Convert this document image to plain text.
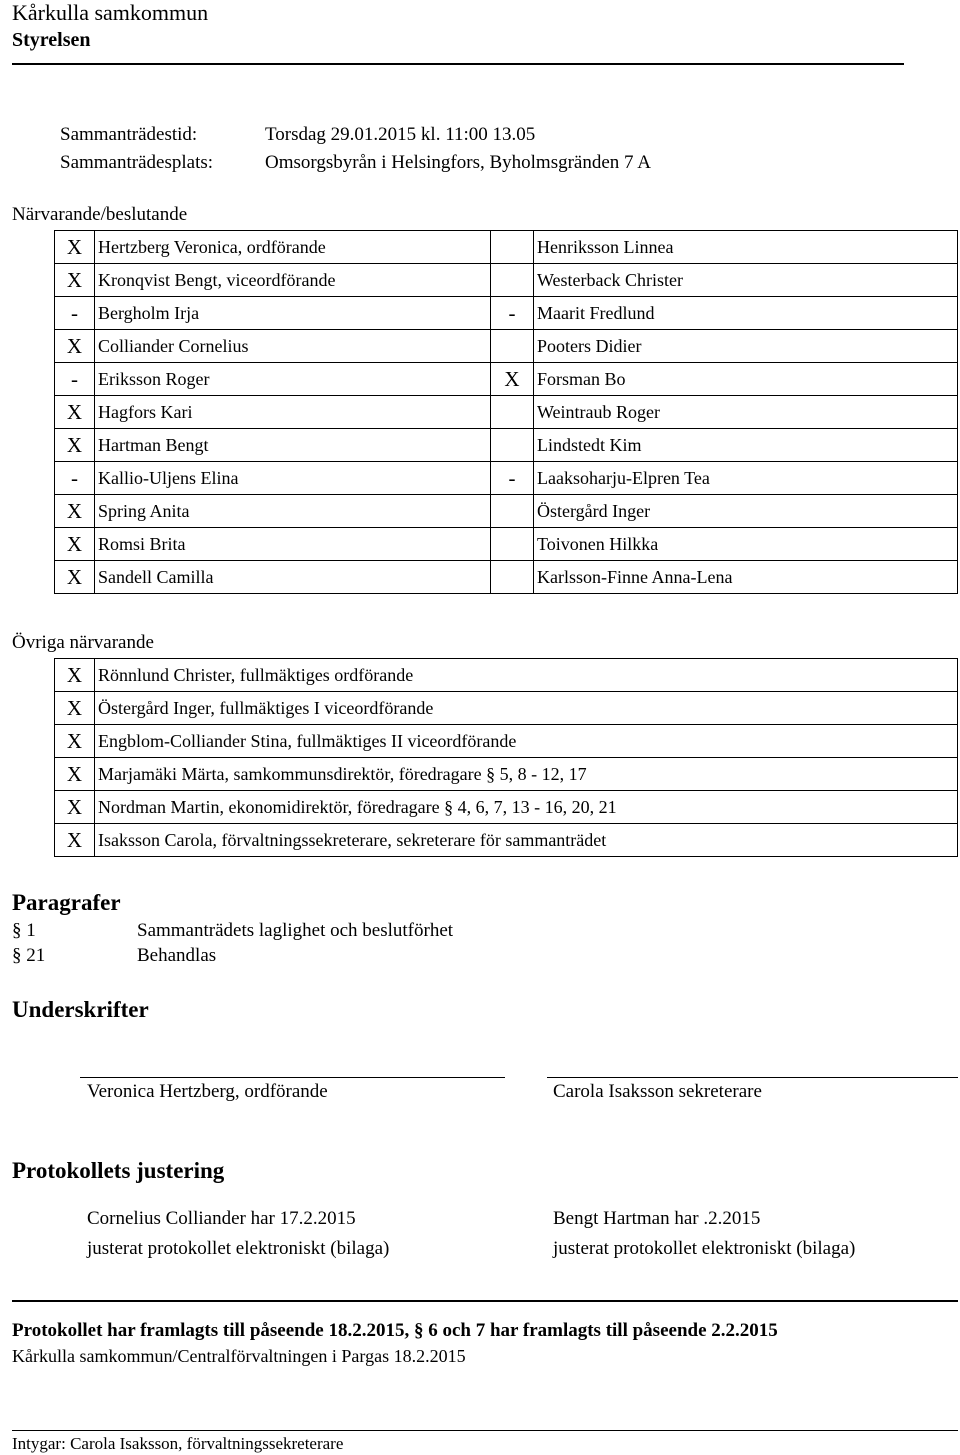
Kårkulla samkommun
Styrelsen
Sammanträdestid:	Torsdag 29.01.2015 kl. 11:00 13.05
Sammanträdesplats:	Omsorgsbyrån i Helsingfors, Byholmsgränden 7 A
Närvarande/beslutande
X	Hertzberg Veronica, ordförande		Henriksson Linnea
X	Kronqvist Bengt, viceordförande		Westerback Christer
-	Bergholm Irja	-	Maarit Fredlund
X	Colliander Cornelius		Pooters Didier
-	Eriksson Roger	X	Forsman Bo
X	Hagfors Kari		Weintraub Roger
X	Hartman Bengt		Lindstedt Kim
-	Kallio-Uljens Elina	-	Laaksoharju-Elpren Tea
X	Spring Anita		Östergård Inger
X	Romsi Brita		Toivonen Hilkka
X	Sandell Camilla		Karlsson-Finne Anna-Lena
Övriga närvarande
X	Rönnlund Christer, fullmäktiges ordförande
X	Östergård Inger, fullmäktiges I viceordförande
X	Engblom-Colliander Stina, fullmäktiges II viceordförande
X	Marjamäki Märta, samkommunsdirektör, föredragare § 5, 8 - 12, 17
X	Nordman Martin, ekonomidirektör, föredragare § 4, 6, 7, 13 - 16, 20, 21
X	Isaksson Carola, förvaltningssekreterare, sekreterare för sammanträdet
Paragrafer
§ 1	Sammanträdets laglighet och beslutförhet
§ 21	Behandlas
Underskrifter
Veronica Hertzberg, ordförande	Carola Isaksson sekreterare
Protokollets justering
Cornelius Colliander har 17.2.2015
justerat protokollet elektroniskt (bilaga)
Bengt Hartman har .2.2015
justerat protokollet elektroniskt (bilaga)
Protokollet har framlagts till påseende 18.2.2015, § 6 och 7 har framlagts till påseende 2.2.2015
Kårkulla samkommun/Centralförvaltningen i Pargas 18.2.2015
Intygar: Carola Isaksson, förvaltningssekreterare
